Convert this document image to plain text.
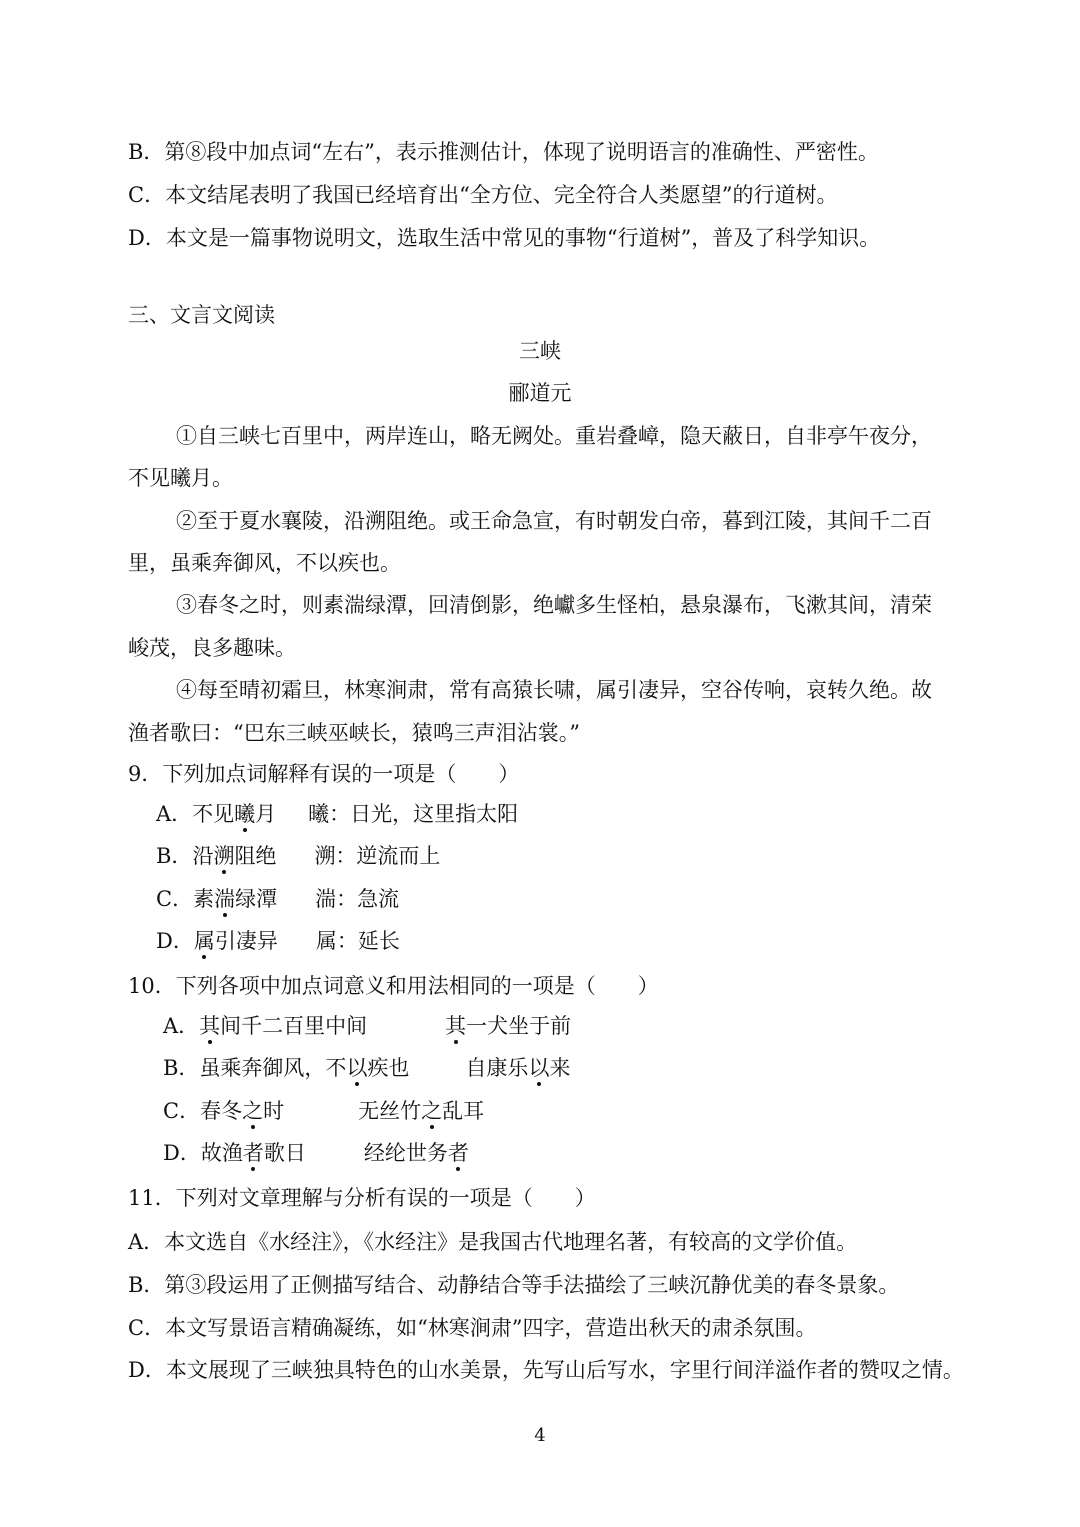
B．第⑧段中加点词“左右”，表示推测估计，体现了说明语言的准确性、严密性。

C．本文结尾表明了我国已经培育出“全方位、完全符合人类愿望”的行道树。

D．本文是一篇事物说明文，选取生活中常见的事物“行道树”，普及了科学知识。

三、文言文阅读

三峡

郦道元

①自三峡七百里中，两岸连山，略无阙处。重岩叠嶂，隐天蔽日，自非亭午夜分，

不见曦月。

②至于夏水襄陵，沿溯阻绝。或王命急宣，有时朝发白帝，暮到江陵，其间千二百

里，虽乘奔御风，不以疾也。

③春冬之时，则素湍绿潭，回清倒影，绝巘多生怪柏，悬泉瀑布，飞漱其间，清荣

峻茂，良多趣味。

④每至晴初霜旦，林寒涧肃，常有高猿长啸，属引凄异，空谷传响，哀转久绝。故

渔者歌曰：“巴东三峡巫峡长，猿鸣三声泪沾裳。”

9．下列加点词解释有误的一项是（　　）

A．不见曦月 曦：日光，这里指太阳

B．沿溯阻绝 溯：逆流而上

C．素湍绿潭 湍：急流

D．属引凄异 属：延长

10．下列各项中加点词意义和用法相同的一项是（　　）

A．其间千二百里中间	其一犬坐于前

B．虽乘奔御风，不以疾也	自康乐以来

C．春冬之时	无丝竹之乱耳

D．故渔者歌日	经纶世务者

11．下列对文章理解与分析有误的一项是（　　）

A．本文选自《水经注》，《水经注》是我国古代地理名著，有较高的文学价值。

B．第③段运用了正侧描写结合、动静结合等手法描绘了三峡沉静优美的春冬景象。

C．本文写景语言精确凝练，如“林寒涧肃”四字，营造出秋天的肃杀氛围。

D．本文展现了三峡独具特色的山水美景，先写山后写水，字里行间洋溢作者的赞叹之情。

4
